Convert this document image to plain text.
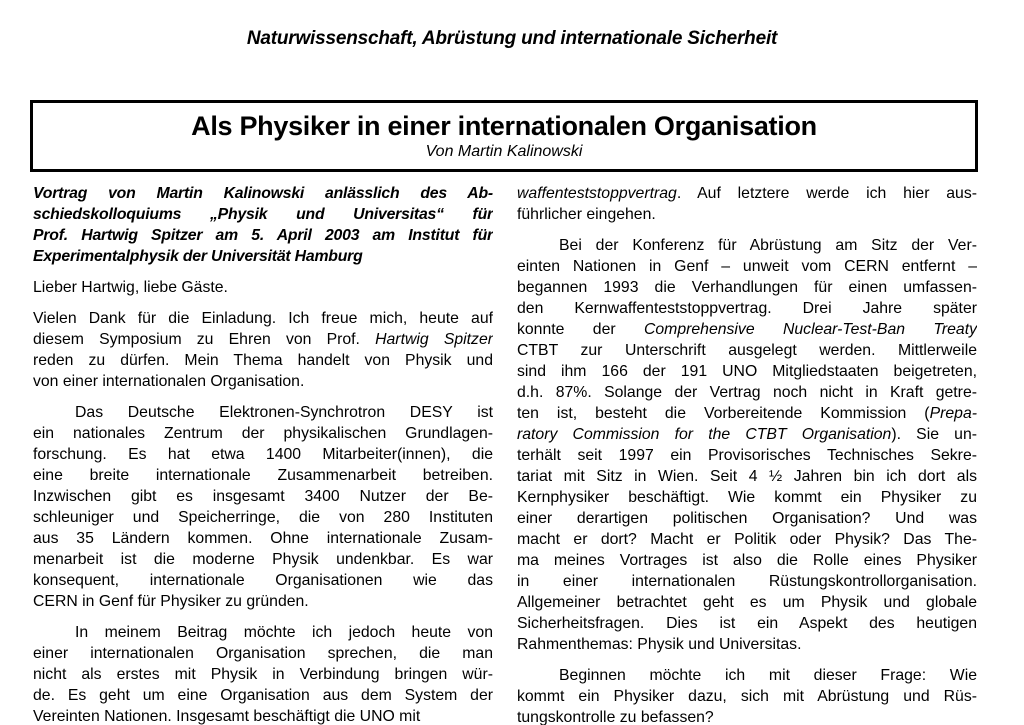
Naturwissenschaft, Abrüstung und internationale Sicherheit
Als Physiker in einer internationalen Organisation
Von Martin Kalinowski
Vortrag von Martin Kalinowski anlässlich des Ab-
schiedskolloquiums „Physik und Universitas“ für
Prof. Hartwig Spitzer am 5. April 2003 am Institut für
Experimentalphysik der Universität Hamburg
Lieber Hartwig, liebe Gäste.
Vielen Dank für die Einladung. Ich freue mich, heute auf
diesem Symposium zu Ehren von Prof. Hartwig Spitzer
reden zu dürfen. Mein Thema handelt von Physik und
von einer internationalen Organisation.
Das Deutsche Elektronen-Synchrotron DESY ist
ein nationales Zentrum der physikalischen Grundlagen-
forschung. Es hat etwa 1400 Mitarbeiter(innen), die
eine breite internationale Zusammenarbeit betreiben.
Inzwischen gibt es insgesamt 3400 Nutzer der Be-
schleuniger und Speicherringe, die von 280 Instituten
aus 35 Ländern kommen. Ohne internationale Zusam-
menarbeit ist die moderne Physik undenkbar. Es war
konsequent, internationale Organisationen wie das
CERN in Genf für Physiker zu gründen.
In meinem Beitrag möchte ich jedoch heute von
einer internationalen Organisation sprechen, die man
nicht als erstes mit Physik in Verbindung bringen wür-
de. Es geht um eine Organisation aus dem System der
Vereinten Nationen. Insgesamt beschäftigt die UNO mit
waffenteststoppvertrag. Auf letztere werde ich hier aus-
führlicher eingehen.
Bei der Konferenz für Abrüstung am Sitz der Ver-
einten Nationen in Genf – unweit vom CERN entfernt –
begannen 1993 die Verhandlungen für einen umfassen-
den Kernwaffenteststoppvertrag. Drei Jahre später
konnte der Comprehensive Nuclear-Test-Ban Treaty
CTBT zur Unterschrift ausgelegt werden. Mittlerweile
sind ihm 166 der 191 UNO Mitgliedstaaten beigetreten,
d.h. 87%. Solange der Vertrag noch nicht in Kraft getre-
ten ist, besteht die Vorbereitende Kommission (Prepa-
ratory Commission for the CTBT Organisation). Sie un-
terhält seit 1997 ein Provisorisches Technisches Sekre-
tariat mit Sitz in Wien. Seit 4 ½ Jahren bin ich dort als
Kernphysiker beschäftigt. Wie kommt ein Physiker zu
einer derartigen politischen Organisation? Und was
macht er dort? Macht er Politik oder Physik? Das The-
ma meines Vortrages ist also die Rolle eines Physiker
in einer internationalen Rüstungskontrollorganisation.
Allgemeiner betrachtet geht es um Physik und globale
Sicherheitsfragen. Dies ist ein Aspekt des heutigen
Rahmenthemas: Physik und Universitas.
Beginnen möchte ich mit dieser Frage: Wie
kommt ein Physiker dazu, sich mit Abrüstung und Rüs-
tungskontrolle zu befassen?
